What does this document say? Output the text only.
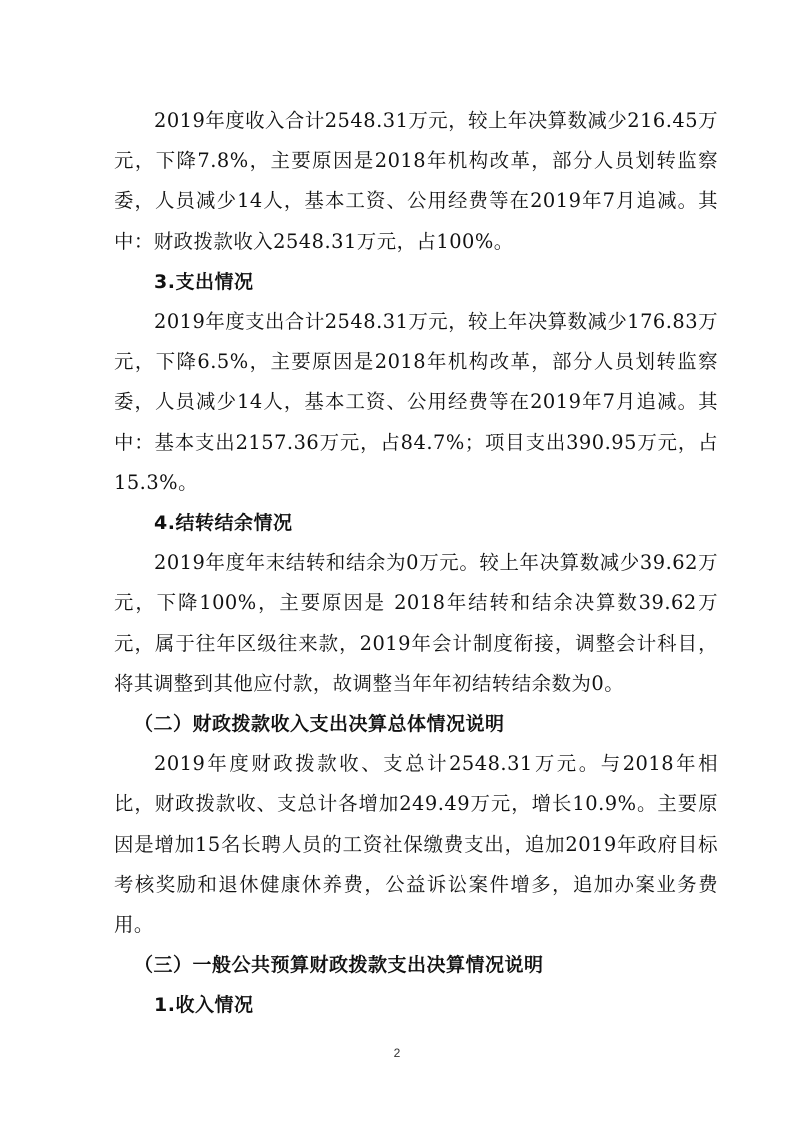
2019年度收入合计2548.31万元，较上年决算数减少216.45万元，下降7.8%，主要原因是2018年机构改革，部分人员划转监察委，人员减少14人，基本工资、公用经费等在2019年7月追减。其中：财政拨款收入2548.31万元，占100%。

3.支出情况

2019年度支出合计2548.31万元，较上年决算数减少176.83万元，下降6.5%，主要原因是2018年机构改革，部分人员划转监察委，人员减少14人，基本工资、公用经费等在2019年7月追减。其中：基本支出2157.36万元，占84.7%；项目支出390.95万元，占15.3%。

4.结转结余情况

2019年度年末结转和结余为0万元。较上年决算数减少39.62万元，下降100%，主要原因是 2018年结转和结余决算数39.62万元，属于往年区级往来款，2019年会计制度衔接，调整会计科目，将其调整到其他应付款，故调整当年年初结转结余数为0。

（二）财政拨款收入支出决算总体情况说明

2019年度财政拨款收、支总计2548.31万元。与2018年相比，财政拨款收、支总计各增加249.49万元，增长10.9%。主要原因是增加15名长聘人员的工资社保缴费支出，追加2019年政府目标考核奖励和退休健康休养费，公益诉讼案件增多，追加办案业务费用。

（三）一般公共预算财政拨款支出决算情况说明

1.收入情况

2
